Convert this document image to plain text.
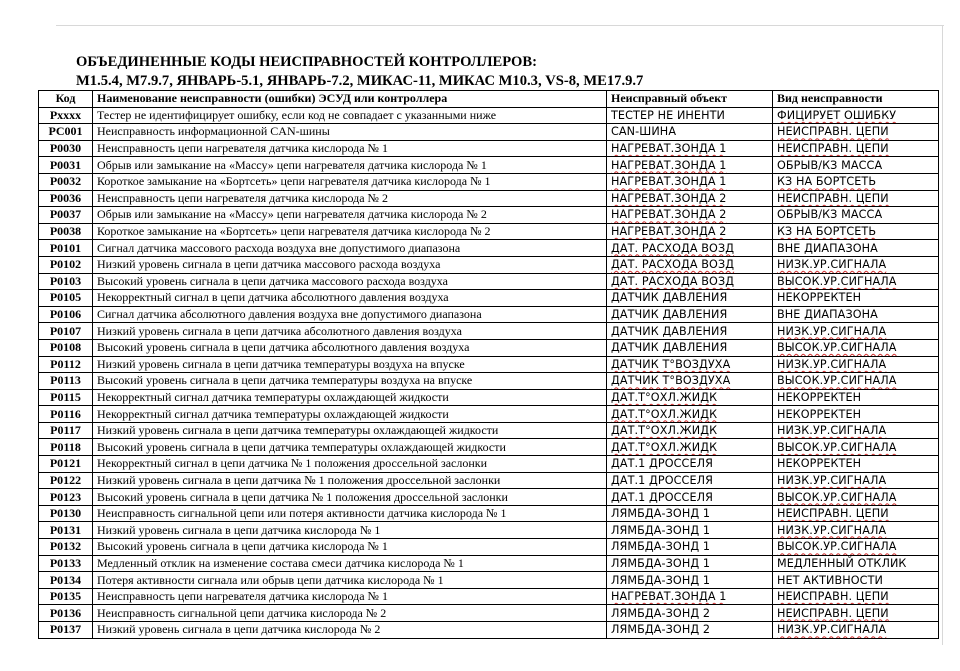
ОБЪЕДИНЕННЫЕ КОДЫ НЕИСПРАВНОСТЕЙ КОНТРОЛЛЕРОВ:
М1.5.4, М7.9.7, ЯНВАРЬ-5.1, ЯНВАРЬ-7.2, МИКАС-11, МИКАС М10.3, VS-8, МЕ17.9.7
Код	Наименование неисправности (ошибки) ЭСУД или контроллера	Неисправный объект	Вид неисправности
Pxxxx	Тестер не идентифицирует ошибку, если код не совпадает с указанными ниже	ТЕСТЕР НЕ ИНЕНТИ	ФИЦИРУЕТ ОШИБКУ
PC001	Неисправность информационной CAN-шины	CAN-ШИНА	НЕИСПРАВН. ЦЕПИ
P0030	Неисправность цепи нагревателя датчика кислорода № 1	НАГРЕВАТ.ЗОНДА 1	НЕИСПРАВН. ЦЕПИ
P0031	Обрыв или замыкание на «Массу» цепи нагревателя датчика кислорода № 1	НАГРЕВАТ.ЗОНДА 1	ОБРЫВ/КЗ МАССА
P0032	Короткое замыкание на «Бортсеть» цепи нагревателя датчика кислорода № 1	НАГРЕВАТ.ЗОНДА 1	КЗ НА БОРТСЕТЬ
P0036	Неисправность цепи нагревателя датчика кислорода № 2	НАГРЕВАТ.ЗОНДА 2	НЕИСПРАВН. ЦЕПИ
P0037	Обрыв или замыкание на «Массу» цепи нагревателя датчика кислорода № 2	НАГРЕВАТ.ЗОНДА 2	ОБРЫВ/КЗ МАССА
P0038	Короткое замыкание на «Бортсеть» цепи нагревателя датчика кислорода № 2	НАГРЕВАТ.ЗОНДА 2	КЗ НА БОРТСЕТЬ
P0101	Сигнал датчика массового расхода воздуха вне допустимого диапазона	ДАТ. РАСХОДА ВОЗД	ВНЕ ДИАПАЗОНА
P0102	Низкий уровень сигнала в цепи датчика массового расхода воздуха	ДАТ. РАСХОДА ВОЗД	НИЗК.УР.СИГНАЛА
P0103	Высокий уровень сигнала в цепи датчика массового расхода воздуха	ДАТ. РАСХОДА ВОЗД	ВЫСОК.УР.СИГНАЛА
P0105	Некорректный сигнал в цепи датчика абсолютного давления воздуха	ДАТЧИК ДАВЛЕНИЯ	НЕКОРРЕКТЕН
P0106	Сигнал датчика абсолютного давления воздуха вне допустимого диапазона	ДАТЧИК ДАВЛЕНИЯ	ВНЕ ДИАПАЗОНА
P0107	Низкий уровень сигнала в цепи датчика абсолютного давления воздуха	ДАТЧИК ДАВЛЕНИЯ	НИЗК.УР.СИГНАЛА
P0108	Высокий уровень сигнала в цепи датчика абсолютного давления воздуха	ДАТЧИК ДАВЛЕНИЯ	ВЫСОК.УР.СИГНАЛА
P0112	Низкий уровень сигнала в цепи датчика температуры воздуха на впуске	ДАТЧИК Т°ВОЗДУХА	НИЗК.УР.СИГНАЛА
P0113	Высокий уровень сигнала в цепи датчика температуры воздуха на впуске	ДАТЧИК Т°ВОЗДУХА	ВЫСОК.УР.СИГНАЛА
P0115	Некорректный сигнал датчика температуры охлаждающей жидкости	ДАТ.Т°ОХЛ.ЖИДК	НЕКОРРЕКТЕН
P0116	Некорректный сигнал датчика температуры охлаждающей жидкости	ДАТ.Т°ОХЛ.ЖИДК	НЕКОРРЕКТЕН
P0117	Низкий уровень сигнала в цепи датчика температуры охлаждающей жидкости	ДАТ.Т°ОХЛ.ЖИДК	НИЗК.УР.СИГНАЛА
P0118	Высокий уровень сигнала в цепи датчика температуры охлаждающей жидкости	ДАТ.Т°ОХЛ.ЖИДК	ВЫСОК.УР.СИГНАЛА
P0121	Некорректный сигнал в цепи датчика № 1 положения дроссельной заслонки	ДАТ.1 ДРОССЕЛЯ	НЕКОРРЕКТЕН
P0122	Низкий уровень сигнала в цепи датчика № 1 положения дроссельной заслонки	ДАТ.1 ДРОССЕЛЯ	НИЗК.УР.СИГНАЛА
P0123	Высокий уровень сигнала в цепи датчика № 1 положения дроссельной заслонки	ДАТ.1 ДРОССЕЛЯ	ВЫСОК.УР.СИГНАЛА
P0130	Неисправность сигнальной цепи или потеря активности датчика кислорода № 1	ЛЯМБДА-ЗОНД 1	НЕИСПРАВН. ЦЕПИ
P0131	Низкий уровень сигнала в цепи датчика кислорода № 1	ЛЯМБДА-ЗОНД 1	НИЗК.УР.СИГНАЛА
P0132	Высокий уровень сигнала в цепи датчика кислорода № 1	ЛЯМБДА-ЗОНД 1	ВЫСОК.УР.СИГНАЛА
P0133	Медленный отклик на изменение состава смеси датчика кислорода № 1	ЛЯМБДА-ЗОНД 1	МЕДЛЕННЫЙ ОТКЛИК
P0134	Потеря активности сигнала или обрыв цепи датчика кислорода № 1	ЛЯМБДА-ЗОНД 1	НЕТ АКТИВНОСТИ
P0135	Неисправность цепи нагревателя датчика кислорода № 1	НАГРЕВАТ.ЗОНДА 1	НЕИСПРАВН. ЦЕПИ
P0136	Неисправность сигнальной цепи датчика кислорода № 2	ЛЯМБДА-ЗОНД 2	НЕИСПРАВН. ЦЕПИ
P0137	Низкий уровень сигнала в цепи датчика кислорода № 2	ЛЯМБДА-ЗОНД 2	НИЗК.УР.СИГНАЛА
